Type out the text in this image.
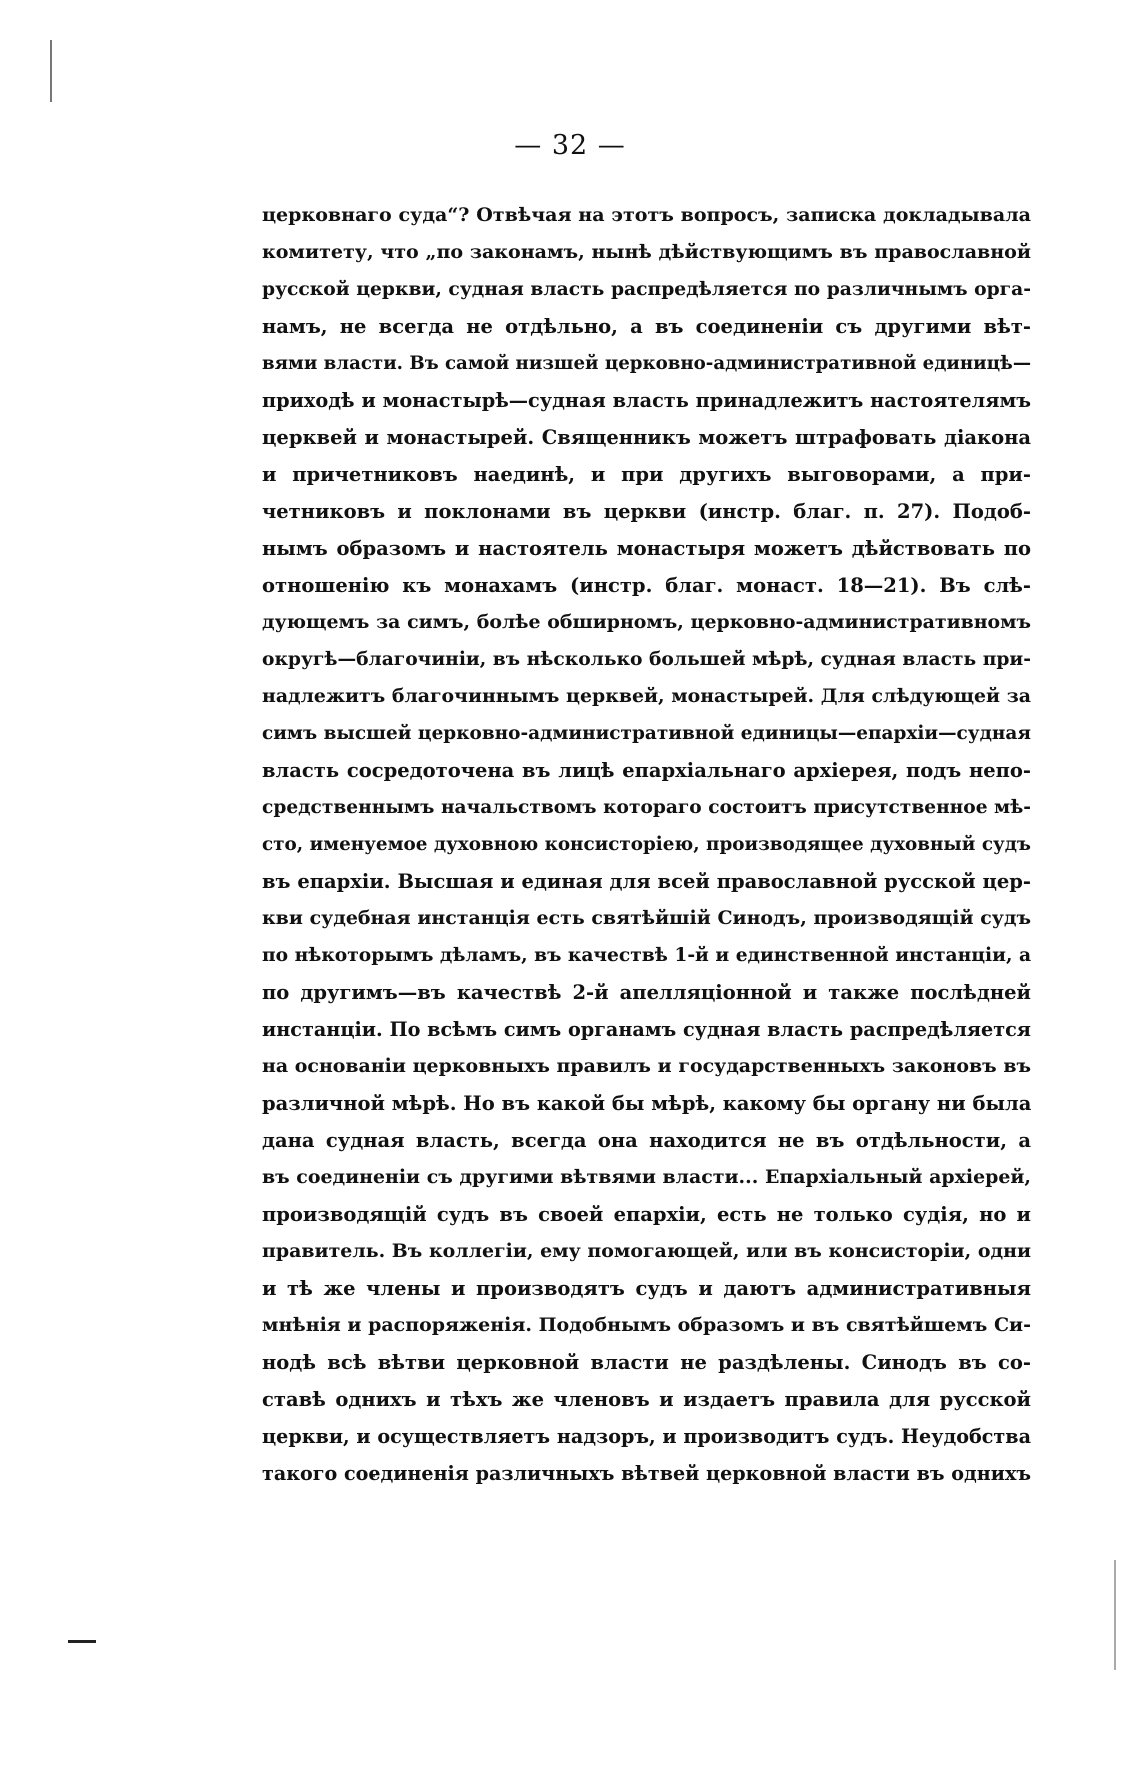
— 32 —
церковнаго суда“? Отвѣчая на этотъ вопросъ, записка докладывала
комитету, что „по законамъ, нынѣ дѣйствующимъ въ православной
русской церкви, судная власть распредѣляется по различнымъ орга-
намъ, не всегда не отдѣльно, а въ соединеніи съ другими вѣт-
вями власти. Въ самой низшей церковно-административной единицѣ—
приходѣ и монастырѣ—судная власть принадлежитъ настоятелямъ
церквей и монастырей. Священникъ можетъ штрафовать діакона
и причетниковъ наединѣ, и при другихъ выговорами, а при-
четниковъ и поклонами въ церкви (инстр. благ. п. 27). Подоб-
нымъ образомъ и настоятель монастыря можетъ дѣйствовать по
отношенію къ монахамъ (инстр. благ. монаст. 18—21). Въ слѣ-
дующемъ за симъ, болѣе обширномъ, церковно-административномъ
округѣ—благочиніи, въ нѣсколько большей мѣрѣ, судная власть при-
надлежитъ благочиннымъ церквей, монастырей. Для слѣдующей за
симъ высшей церковно-административной единицы—епархіи—судная
власть сосредоточена въ лицѣ епархіальнаго архіерея, подъ непо-
средственнымъ начальствомъ котораго состоитъ присутственное мѣ-
сто, именуемое духовною консисторіею, производящее духовный судъ
въ епархіи. Высшая и единая для всей православной русской цер-
кви судебная инстанція есть святѣйшій Синодъ, производящій судъ
по нѣкоторымъ дѣламъ, въ качествѣ 1-й и единственной инстанціи, а
по другимъ—въ качествѣ 2-й апелляціонной и также послѣдней
инстанціи. По всѣмъ симъ органамъ судная власть распредѣляется
на основаніи церковныхъ правилъ и государственныхъ законовъ въ
различной мѣрѣ. Но въ какой бы мѣрѣ, какому бы органу ни была
дана судная власть, всегда она находится не въ отдѣльности, а
въ соединеніи съ другими вѣтвями власти... Епархіальный архіерей,
производящій судъ въ своей епархіи, есть не только судія, но и
правитель. Въ коллегіи, ему помогающей, или въ консисторіи, одни
и тѣ же члены и производятъ судъ и даютъ административныя
мнѣнія и распоряженія. Подобнымъ образомъ и въ святѣйшемъ Си-
нодѣ всѣ вѣтви церковной власти не раздѣлены. Синодъ въ со-
ставѣ однихъ и тѣхъ же членовъ и издаетъ правила для русской
церкви, и осуществляетъ надзоръ, и производитъ судъ. Неудобства
такого соединенія различныхъ вѣтвей церковной власти въ однихъ
